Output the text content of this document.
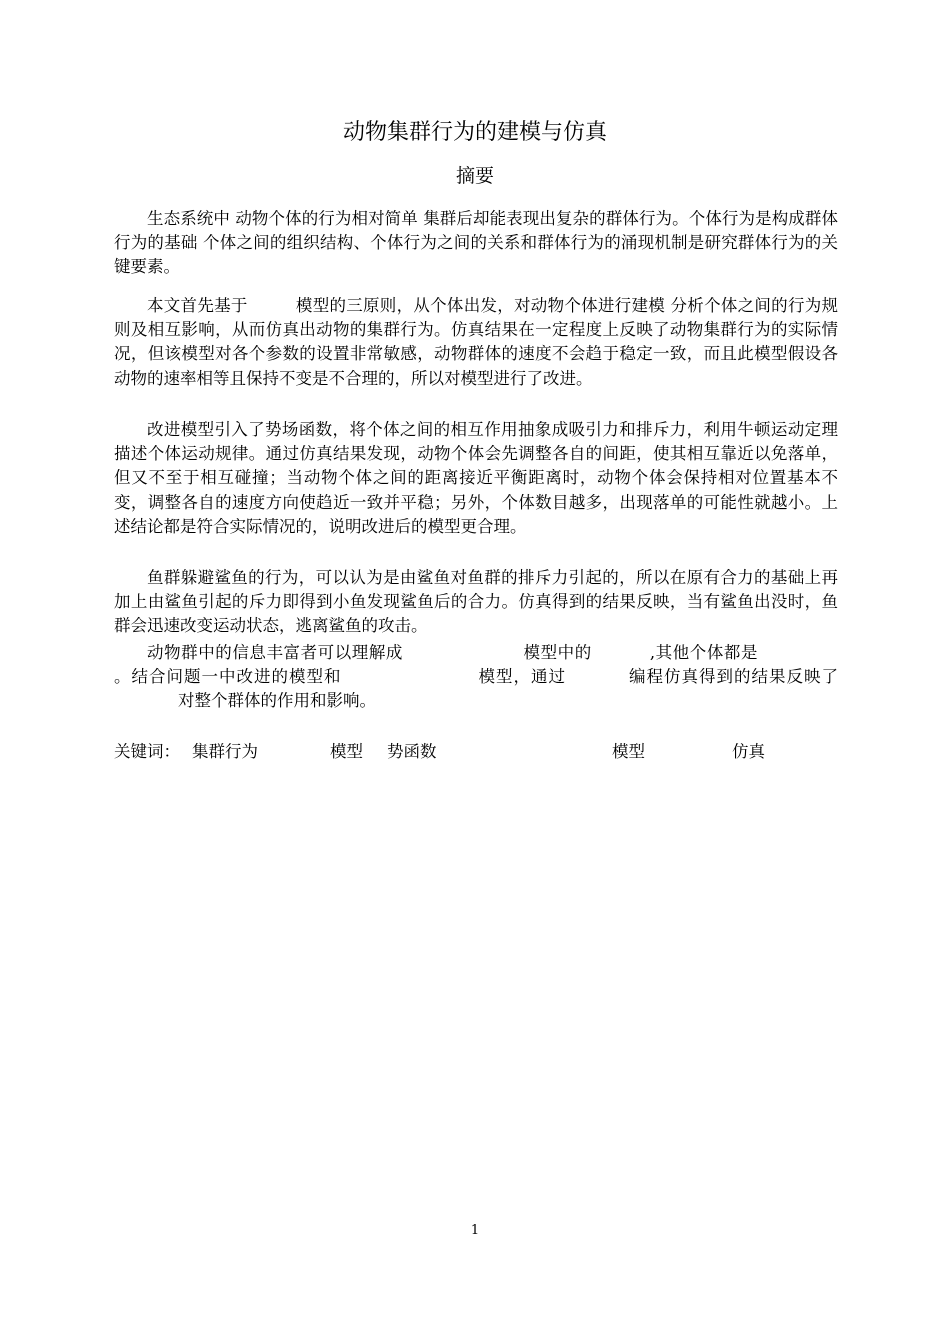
动物集群行为的建模与仿真
摘要

生态系统中 动物个体的行为相对简单 集群后却能表现出复杂的群体行为。个体行为是构成群体行为的基础 个体之间的组织结构、个体行为之间的关系和群体行为的涌现机制是研究群体行为的关键要素。

本文首先基于	模型的三原则，从个体出发，对动物个体进行建模 分析个体之间的行为规则及相互影响，从而仿真出动物的集群行为。仿真结果在一定程度上反映了动物集群行为的实际情况，但该模型对各个参数的设置非常敏感，动物群体的速度不会趋于稳定一致，而且此模型假设各动物的速率相等且保持不变是不合理的，所以对模型进行了改进。

改进模型引入了势场函数，将个体之间的相互作用抽象成吸引力和排斥力，利用牛顿运动定理描述个体运动规律。通过仿真结果发现，动物个体会先调整各自的间距，使其相互靠近以免落单，但又不至于相互碰撞；当动物个体之间的距离接近平衡距离时，动物个体会保持相对位置基本不变，调整各自的速度方向使趋近一致并平稳；另外，个体数目越多，出现落单的可能性就越小。上述结论都是符合实际情况的，说明改进后的模型更合理。

鱼群躲避鲨鱼的行为，可以认为是由鲨鱼对鱼群的排斥力引起的，所以在原有合力的基础上再加上由鲨鱼引起的斥力即得到小鱼发现鲨鱼后的合力。仿真得到的结果反映，当有鲨鱼出没时，鱼群会迅速改变运动状态，逃离鲨鱼的攻击。

动物群中的信息丰富者可以理解成	模型中的	,其他个体都是。结合问题一中改进的模型和	模型，通过	编程仿真得到的结果反映了对整个群体的作用和影响。

关键词： 集群行为	模型 势函数	模型	仿真
1
